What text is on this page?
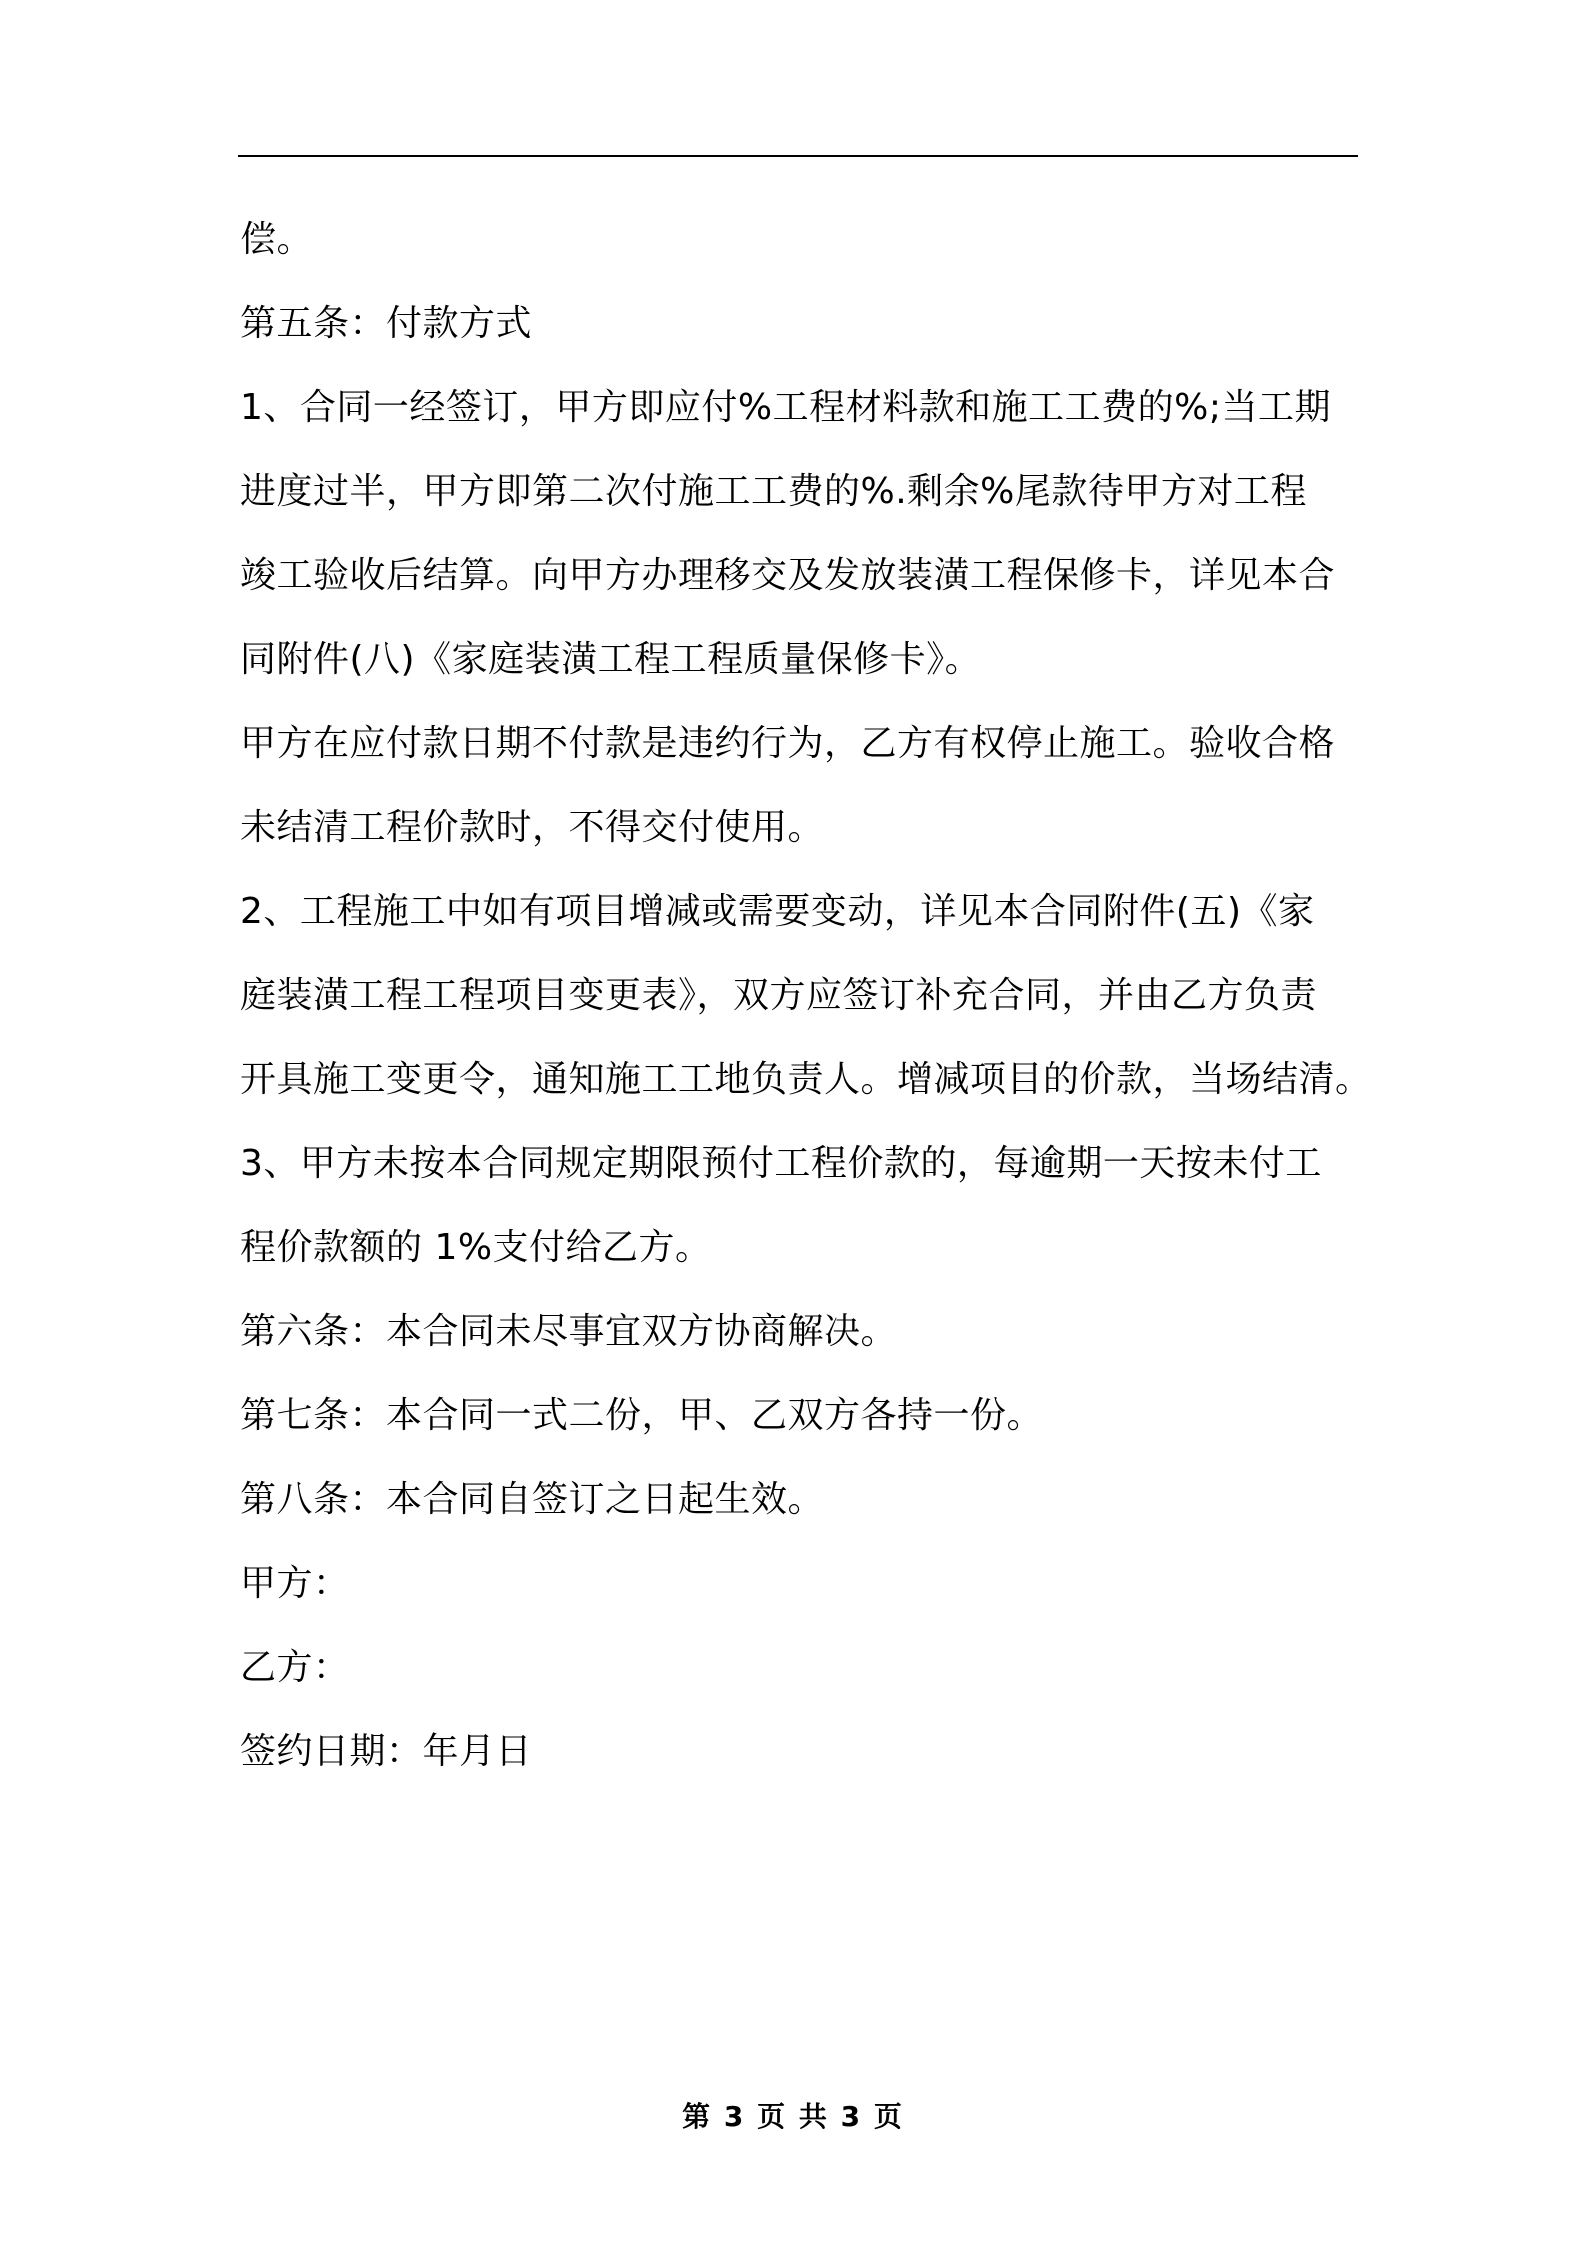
偿。
第五条：付款方式
1、合同一经签订，甲方即应付%工程材料款和施工工费的%;当工期
进度过半，甲方即第二次付施工工费的%.剩余%尾款待甲方对工程
竣工验收后结算。向甲方办理移交及发放装潢工程保修卡，详见本合
同附件(八)《家庭装潢工程工程质量保修卡》。
甲方在应付款日期不付款是违约行为，乙方有权停止施工。验收合格
未结清工程价款时，不得交付使用。
2、工程施工中如有项目增减或需要变动，详见本合同附件(五)《家
庭装潢工程工程项目变更表》，双方应签订补充合同，并由乙方负责
开具施工变更令，通知施工工地负责人。增减项目的价款，当场结清。
3、甲方未按本合同规定期限预付工程价款的，每逾期一天按未付工
程价款额的 1%支付给乙方。
第六条：本合同未尽事宜双方协商解决。
第七条：本合同一式二份，甲、乙双方各持一份。
第八条：本合同自签订之日起生效。
甲方：
乙方：
签约日期：年月日
第 3 页 共 3 页
